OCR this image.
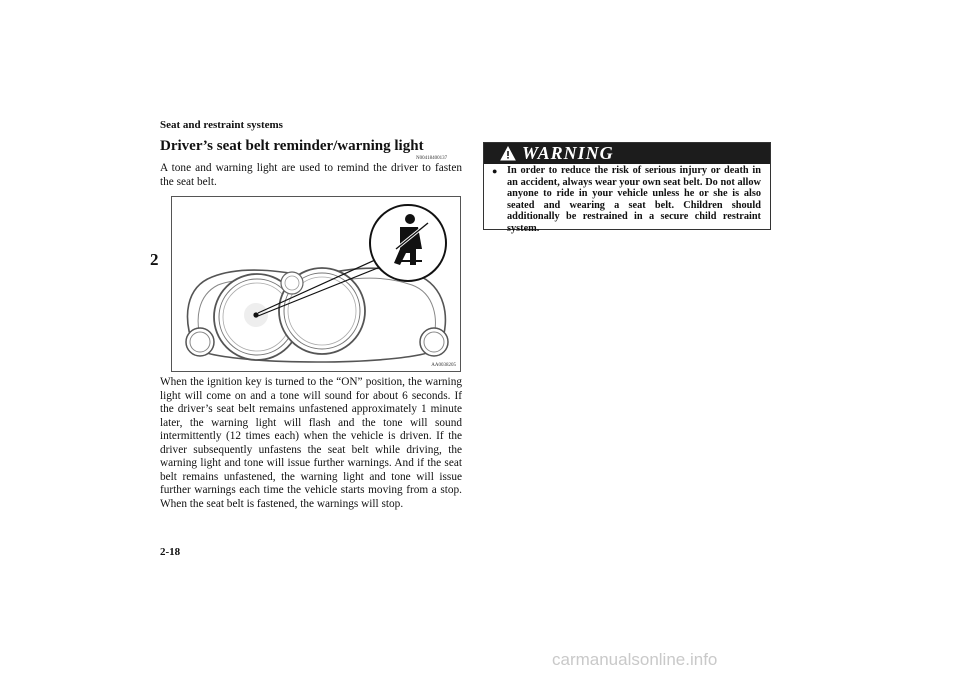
Seat and restraint systems
2
Driver’s seat belt reminder/warning light
N00418400137
A tone and warning light are used to remind the driver to fasten the seat belt.
AA0038205
When the ignition key is turned to the “ON” position, the warning light will come on and a tone will sound for about 6 seconds. If the driver’s seat belt remains unfastened approximately 1 minute later, the warning light will flash and the tone will sound intermittently (12 times each) when the vehicle is driven. If the driver subsequently unfastens the seat belt while driving, the warning light and tone will issue further warnings. And if the seat belt remains unfastened, the warning light and tone will issue further warnings each time the vehicle starts moving from a stop. When the seat belt is fastened, the warnings will stop.
WARNING
● In order to reduce the risk of serious injury or death in an accident, always wear your own seat belt. Do not allow anyone to ride in your vehicle unless he or she is also seated and wearing a seat belt. Children should additionally be restrained in a secure child restraint system.
2-18
carmanualsonline.info
